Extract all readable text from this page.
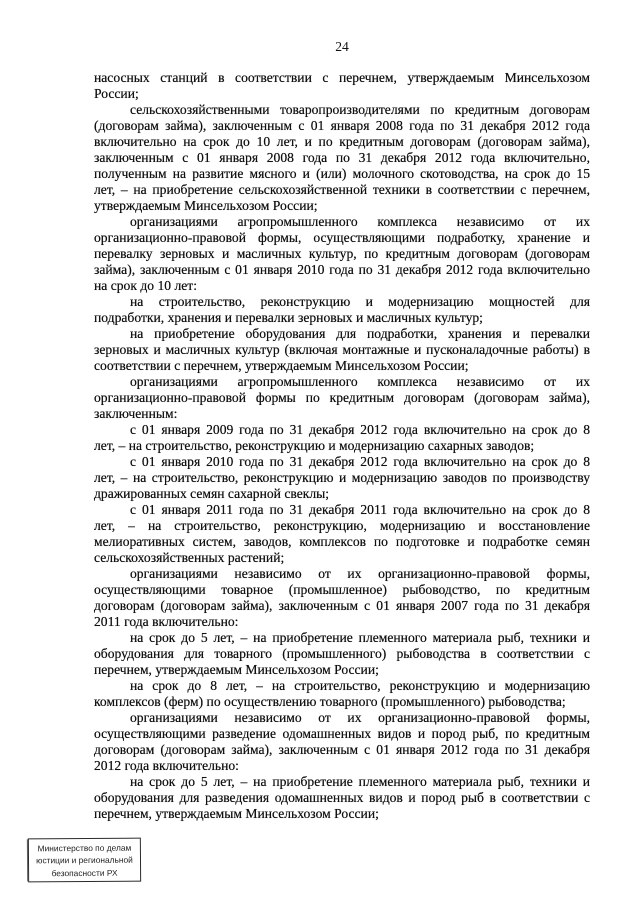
24
насосных станций в соответствии с перечнем, утверждаемым Минсельхозом
России;
сельскохозяйственными товаропроизводителями по кредитным договорам
(договорам займа), заключенным с 01 января 2008 года по 31 декабря 2012 года
включительно на срок до 10 лет, и по кредитным договорам (договорам займа),
заключенным с 01 января 2008 года по 31 декабря 2012 года включительно,
полученным на развитие мясного и (или) молочного скотоводства, на срок до 15
лет, – на приобретение сельскохозяйственной техники в соответствии с перечнем,
утверждаемым Минсельхозом России;
организациями агропромышленного комплекса независимо от их
организационно-правовой формы, осуществляющими подработку, хранение и
перевалку зерновых и масличных культур, по кредитным договорам (договорам
займа), заключенным с 01 января 2010 года по 31 декабря 2012 года включительно
на срок до 10 лет:
на строительство, реконструкцию и модернизацию мощностей для
подработки, хранения и перевалки зерновых и масличных культур;
на приобретение оборудования для подработки, хранения и перевалки
зерновых и масличных культур (включая монтажные и пусконаладочные работы) в
соответствии с перечнем, утверждаемым Минсельхозом России;
организациями агропромышленного комплекса независимо от их
организационно-правовой формы по кредитным договорам (договорам займа),
заключенным:
с 01 января 2009 года по 31 декабря 2012 года включительно на срок до 8
лет, – на строительство, реконструкцию и модернизацию сахарных заводов;
с 01 января 2010 года по 31 декабря 2012 года включительно на срок до 8
лет, – на строительство, реконструкцию и модернизацию заводов по производству
дражированных семян сахарной свеклы;
с 01 января 2011 года по 31 декабря 2011 года включительно на срок до 8
лет, – на строительство, реконструкцию, модернизацию и восстановление
мелиоративных систем, заводов, комплексов по подготовке и подработке семян
сельскохозяйственных растений;
организациями независимо от их организационно-правовой формы,
осуществляющими товарное (промышленное) рыбоводство, по кредитным
договорам (договорам займа), заключенным с 01 января 2007 года по 31 декабря
2011 года включительно:
на срок до 5 лет, – на приобретение племенного материала рыб, техники и
оборудования для товарного (промышленного) рыбоводства в соответствии с
перечнем, утверждаемым Минсельхозом России;
на срок до 8 лет, – на строительство, реконструкцию и модернизацию
комплексов (ферм) по осуществлению товарного (промышленного) рыбоводства;
организациями независимо от их организационно-правовой формы,
осуществляющими разведение одомашненных видов и пород рыб, по кредитным
договорам (договорам займа), заключенным с 01 января 2012 года по 31 декабря
2012 года включительно:
на срок до 5 лет, – на приобретение племенного материала рыб, техники и
оборудования для разведения одомашненных видов и пород рыб в соответствии с
перечнем, утверждаемым Минсельхозом России;
Министерство по делам
юстиции и региональной
безопасности РХ
